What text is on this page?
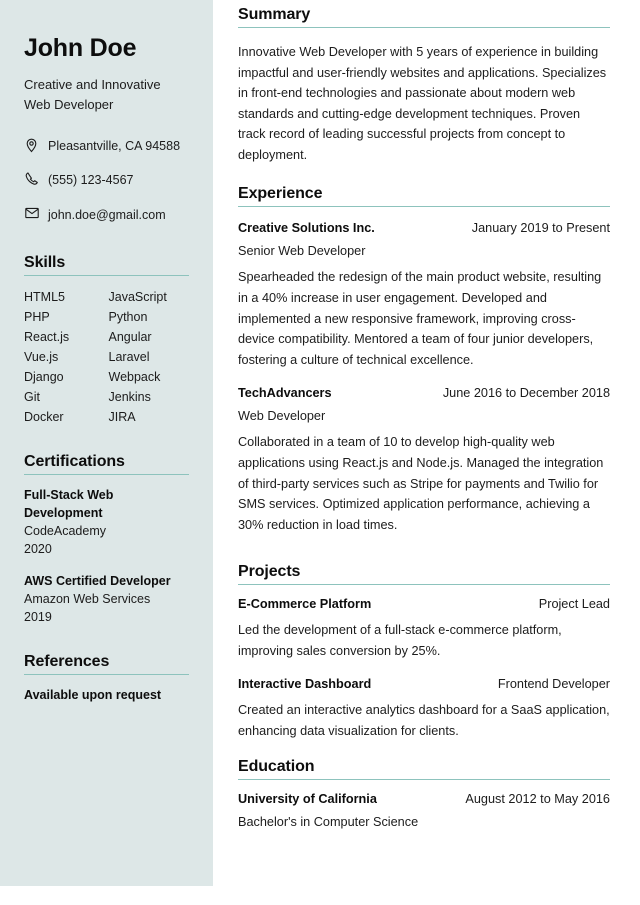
John Doe
Creative and Innovative Web Developer
Pleasantville, CA 94588
(555) 123-4567
john.doe@gmail.com
Skills
HTML5	JavaScript
PHP	Python
React.js	Angular
Vue.js	Laravel
Django	Webpack
Git	Jenkins
Docker	JIRA
Certifications
Full-Stack Web Development
CodeAcademy
2020
AWS Certified Developer
Amazon Web Services
2019
References
Available upon request
Summary

Innovative Web Developer with 5 years of experience in building impactful and user-friendly websites and applications. Specializes in front-end technologies and passionate about modern web standards and cutting-edge development techniques. Proven track record of leading successful projects from concept to deployment.

Experience
Creative Solutions Inc.	January 2019 to Present
Senior Web Developer

Spearheaded the redesign of the main product website, resulting in a 40% increase in user engagement. Developed and implemented a new responsive framework, improving cross-device compatibility. Mentored a team of four junior developers, fostering a culture of technical excellence.

TechAdvancers	June 2016 to December 2018
Web Developer

Collaborated in a team of 10 to develop high-quality web applications using React.js and Node.js. Managed the integration of third-party services such as Stripe for payments and Twilio for SMS services. Optimized application performance, achieving a 30% reduction in load times.

Projects
E-Commerce Platform	Project Lead

Led the development of a full-stack e-commerce platform, improving sales conversion by 25%.

Interactive Dashboard	Frontend Developer

Created an interactive analytics dashboard for a SaaS application, enhancing data visualization for clients.

Education
University of California	August 2012 to May 2016
Bachelor's in Computer Science
